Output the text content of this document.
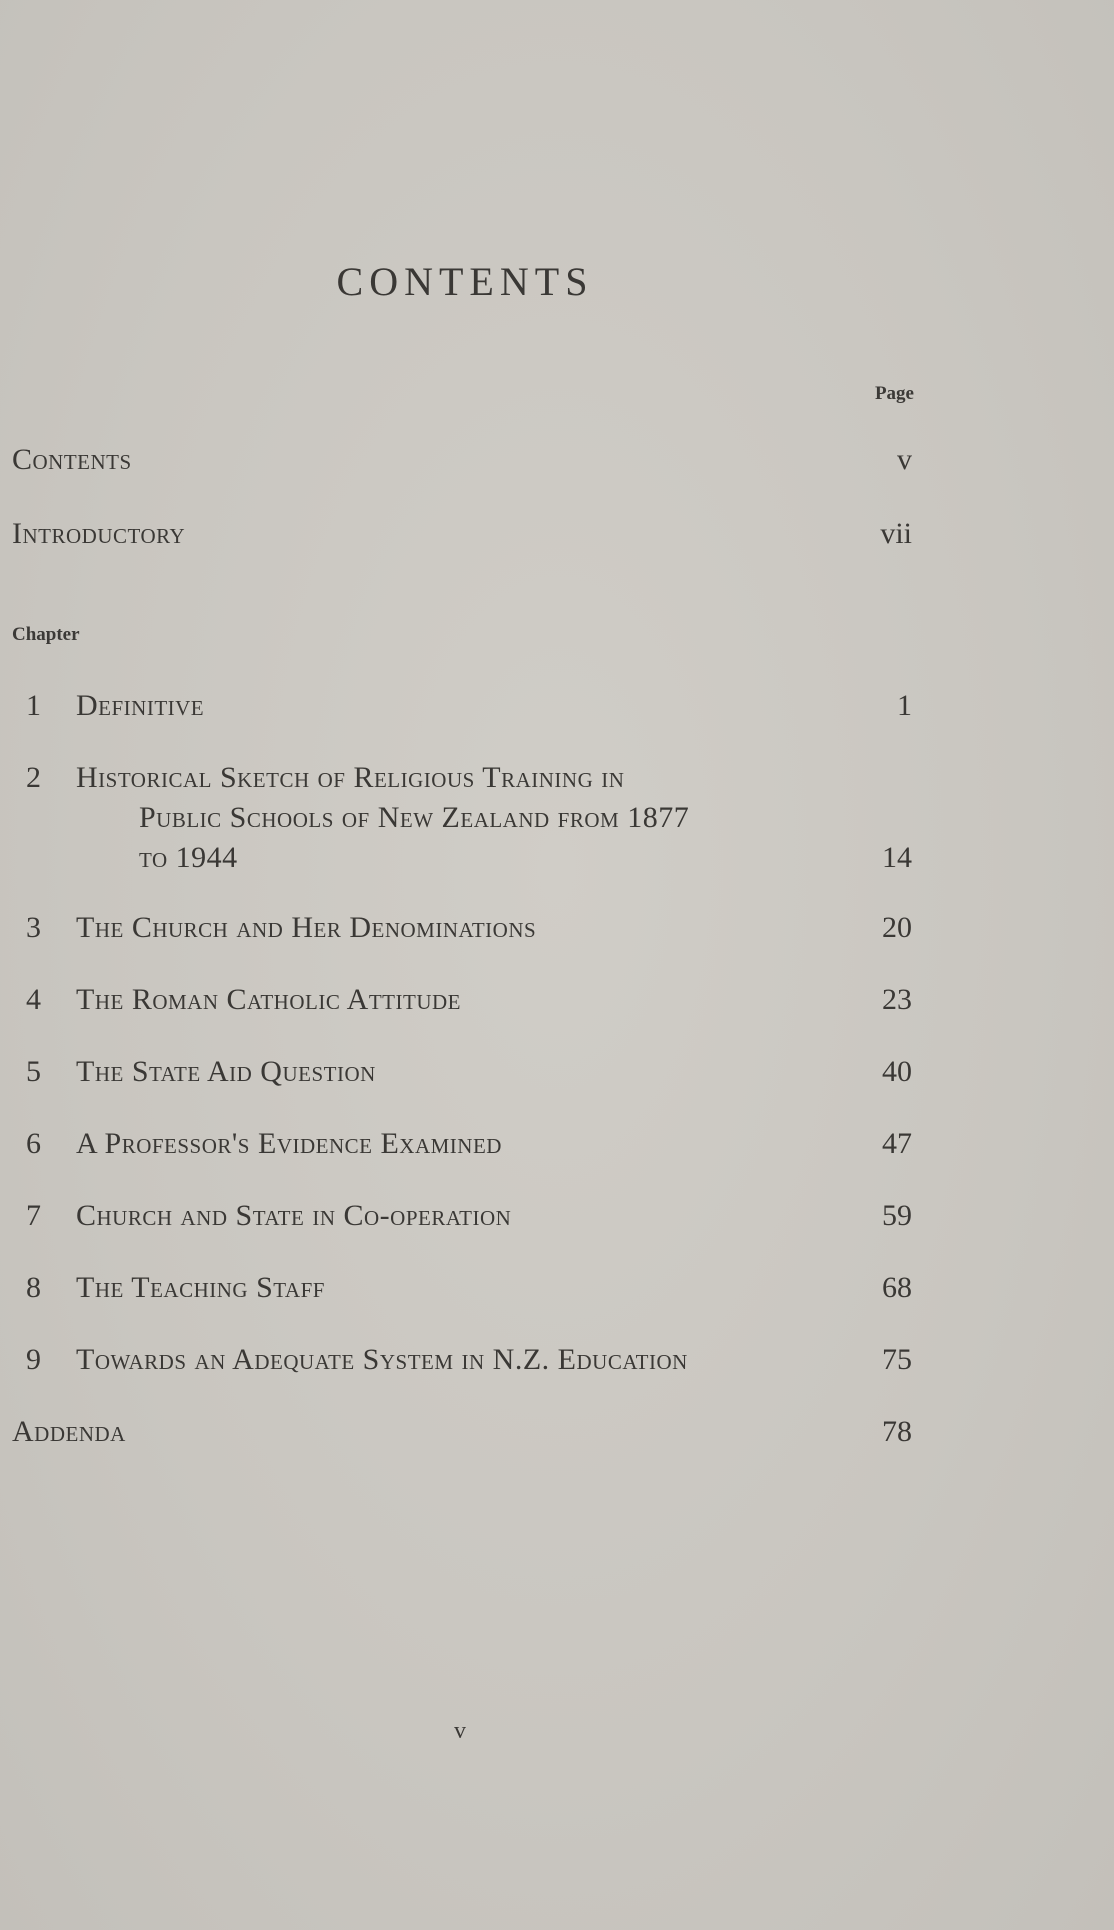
CONTENTS
Page
Contents	v
Introductory	vii
Chapter
1	Definitive	1
2	Historical Sketch of Religious Training in
Public Schools of New Zealand from 1877
to 1944	14
3	The Church and Her Denominations	20
4	The Roman Catholic Attitude	23
5	The State Aid Question	40
6	A Professor's Evidence Examined	47
7	Church and State in Co-operation	59
8	The Teaching Staff	68
9	Towards an Adequate System in N.Z. Education	75
Addenda	78
v
